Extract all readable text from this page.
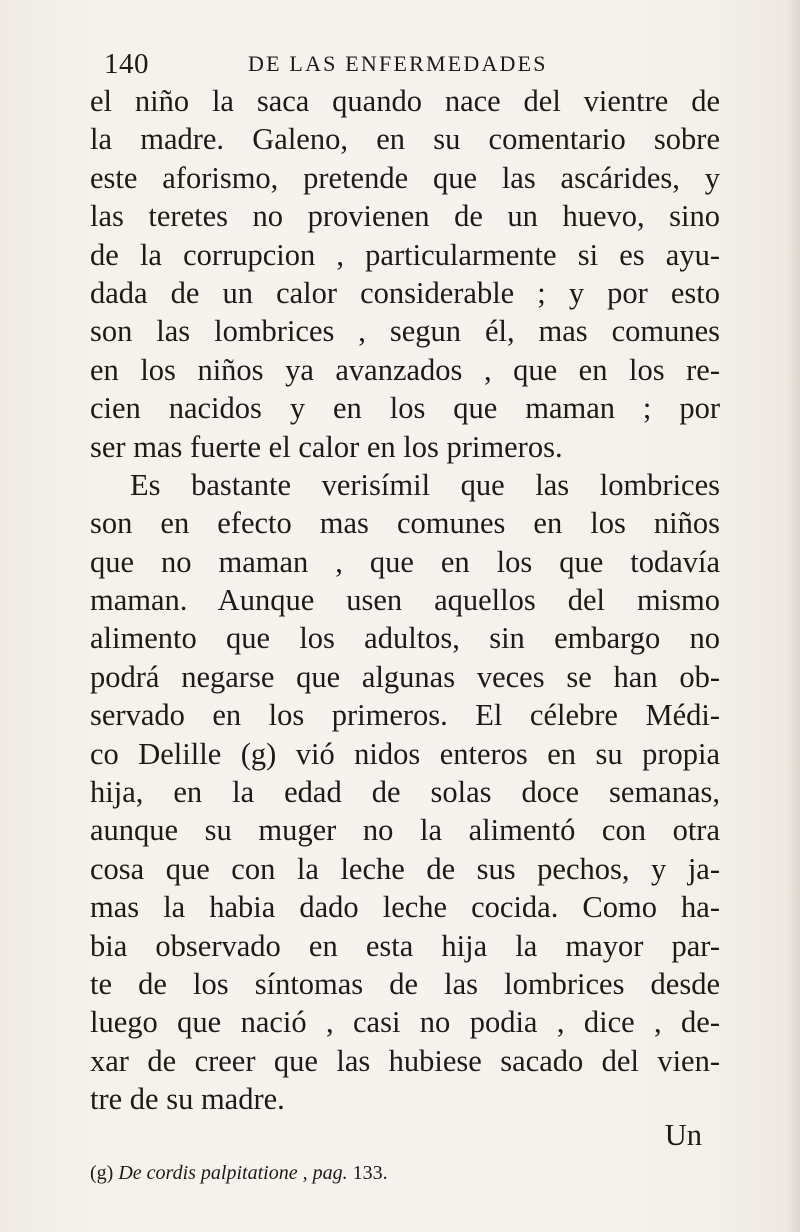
140	DE LAS ENFERMEDADES
el niño la saca quando nace del vientre de
la madre. Galeno, en su comentario sobre
este aforismo, pretende que las ascárides, y
las teretes no provienen de un huevo, sino
de la corrupcion , particularmente si es ayu-
dada de un calor considerable ; y por esto
son las lombrices , segun él, mas comunes
en los niños ya avanzados , que en los re-
cien nacidos y en los que maman ; por
ser mas fuerte el calor en los primeros.
Es bastante verisímil que las lombrices
son en efecto mas comunes en los niños
que no maman , que en los que todavía
maman. Aunque usen aquellos del mismo
alimento que los adultos, sin embargo no
podrá negarse que algunas veces se han ob-
servado en los primeros. El célebre Médi-
co Delille (g) vió nidos enteros en su propia
hija, en la edad de solas doce semanas,
aunque su muger no la alimentó con otra
cosa que con la leche de sus pechos, y ja-
mas la habia dado leche cocida. Como ha-
bia observado en esta hija la mayor par-
te de los síntomas de las lombrices desde
luego que nació , casi no podia , dice , de-
xar de creer que las hubiese sacado del vien-
tre de su madre.
Un
(g) De cordis palpitatione , pag. 133.
